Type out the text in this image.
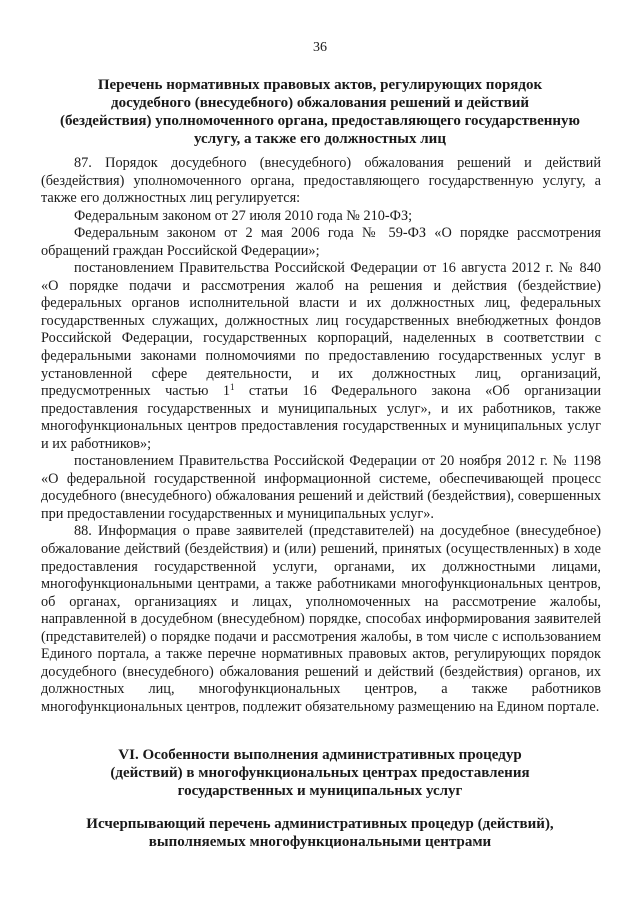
36
Перечень нормативных правовых актов, регулирующих порядок
досудебного (внесудебного) обжалования решений и действий
(бездействия) уполномоченного органа, предоставляющего государственную
услугу, а также его должностных лиц

87. Порядок досудебного (внесудебного) обжалования решений и действий (бездействия) уполномоченного органа, предоставляющего государственную услугу, а также его должностных лиц регулируется:

Федеральным законом от 27 июля 2010 года № 210-ФЗ;

Федеральным законом от 2 мая 2006 года № 59-ФЗ «О порядке рассмотрения обращений граждан Российской Федерации»;

постановлением Правительства Российской Федерации от 16 августа 2012 г. № 840 «О порядке подачи и рассмотрения жалоб на решения и действия (бездействие) федеральных органов исполнительной власти и их должностных лиц, федеральных государственных служащих, должностных лиц государственных внебюджетных фондов Российской Федерации, государственных корпораций, наделенных в соответствии с федеральными законами полномочиями по предоставлению государственных услуг в установленной сфере деятельности, и их должностных лиц, организаций, предусмотренных частью $1^1$ статьи 16 Федерального закона «Об организации предоставления государственных и муниципальных услуг», и их работников, также многофункциональных центров предоставления государственных и муниципальных услуг и их работников»;

постановлением Правительства Российской Федерации от 20 ноября 2012 г. № 1198 «О федеральной государственной информационной системе, обеспечивающей процесс досудебного (внесудебного) обжалования решений и действий (бездействия), совершенных при предоставлении государственных и муниципальных услуг».

88. Информация о праве заявителей (представителей) на досудебное (внесудебное) обжалование действий (бездействия) и (или) решений, принятых (осуществленных) в ходе предоставления государственной услуги, органами, их должностными лицами, многофункциональными центрами, а также работниками многофункциональных центров, об органах, организациях и лицах, уполномоченных на рассмотрение жалобы, направленной в досудебном (внесудебном) порядке, способах информирования заявителей (представителей) о порядке подачи и рассмотрения жалобы, в том числе с использованием Единого портала, а также перечне нормативных правовых актов, регулирующих порядок досудебного (внесудебного) обжалования решений и действий (бездействия) органов, их должностных лиц, многофункциональных центров, а также работников многофункциональных центров, подлежит обязательному размещению на Едином портале.

VI. Особенности выполнения административных процедур
(действий) в многофункциональных центрах предоставления
государственных и муниципальных услуг
Исчерпывающий перечень административных процедур (действий),
выполняемых многофункциональными центрами
